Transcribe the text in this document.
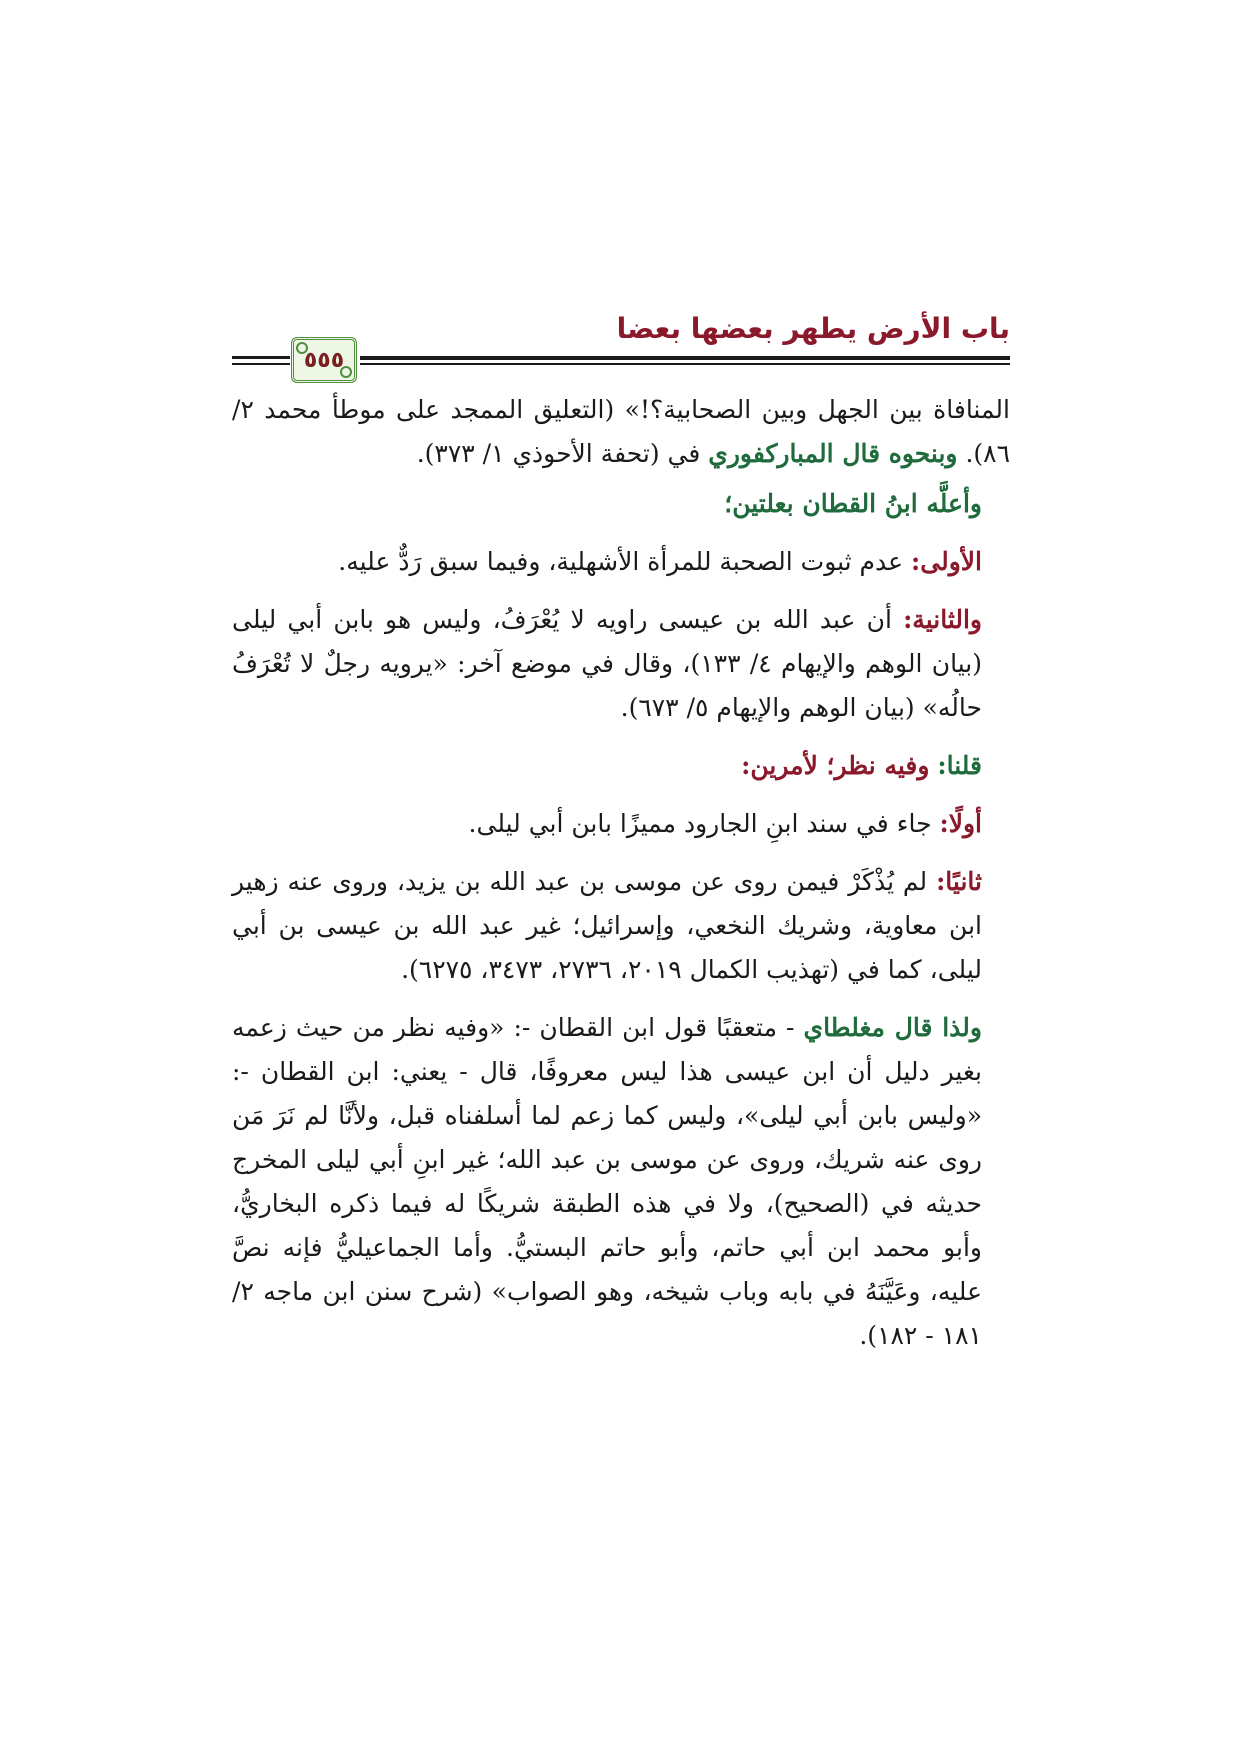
باب الأرض يطهر بعضها بعضا
٥٥٥

المنافاة بين الجهل وبين الصحابية؟!» (التعليق الممجد على موطأ محمد ٢/ ٨٦). وبنحوه قال المباركفوري في (تحفة الأحوذي ١/ ٣٧٣).

وأعلَّه ابنُ القطان بعلتين؛

الأولى: عدم ثبوت الصحبة للمرأة الأشهلية، وفيما سبق رَدٌّ عليه.

والثانية: أن عبد الله بن عيسى راويه لا يُعْرَفُ، وليس هو بابن أبي ليلى (بيان الوهم والإيهام ٤/ ١٣٣)، وقال في موضع آخر: «يرويه رجلٌ لا تُعْرَفُ حالُه» (بيان الوهم والإيهام ٥/ ٦٧٣).

قلنا: وفيه نظر؛ لأمرين:

أولًا: جاء في سند ابنِ الجارود مميزًا بابن أبي ليلى.

ثانيًا: لم يُذْكَرْ فيمن روى عن موسى بن عبد الله بن يزيد، وروى عنه زهير ابن معاوية، وشريك النخعي، وإسرائيل؛ غير عبد الله بن عيسى بن أبي ليلى، كما في (تهذيب الكمال ٢٠١٩، ٢٧٣٦، ٣٤٧٣، ٦٢٧٥).

ولذا قال مغلطاي - متعقبًا قول ابن القطان -: «وفيه نظر من حيث زعمه بغير دليل أن ابن عيسى هذا ليس معروفًا، قال - يعني: ابن القطان -: «وليس بابن أبي ليلى»، وليس كما زعم لما أسلفناه قبل، ولأنَّا لم نَرَ مَن روى عنه شريك، وروى عن موسى بن عبد الله؛ غير ابنِ أبي ليلى المخرج حديثه في (الصحيح)، ولا في هذه الطبقة شريكًا له فيما ذكره البخاريُّ، وأبو محمد ابن أبي حاتم، وأبو حاتم البستيُّ. وأما الجماعيليُّ فإنه نصَّ عليه، وعَيَّنَهُ في بابه وباب شيخه، وهو الصواب» (شرح سنن ابن ماجه ٢/ ١٨١ - ١٨٢).
